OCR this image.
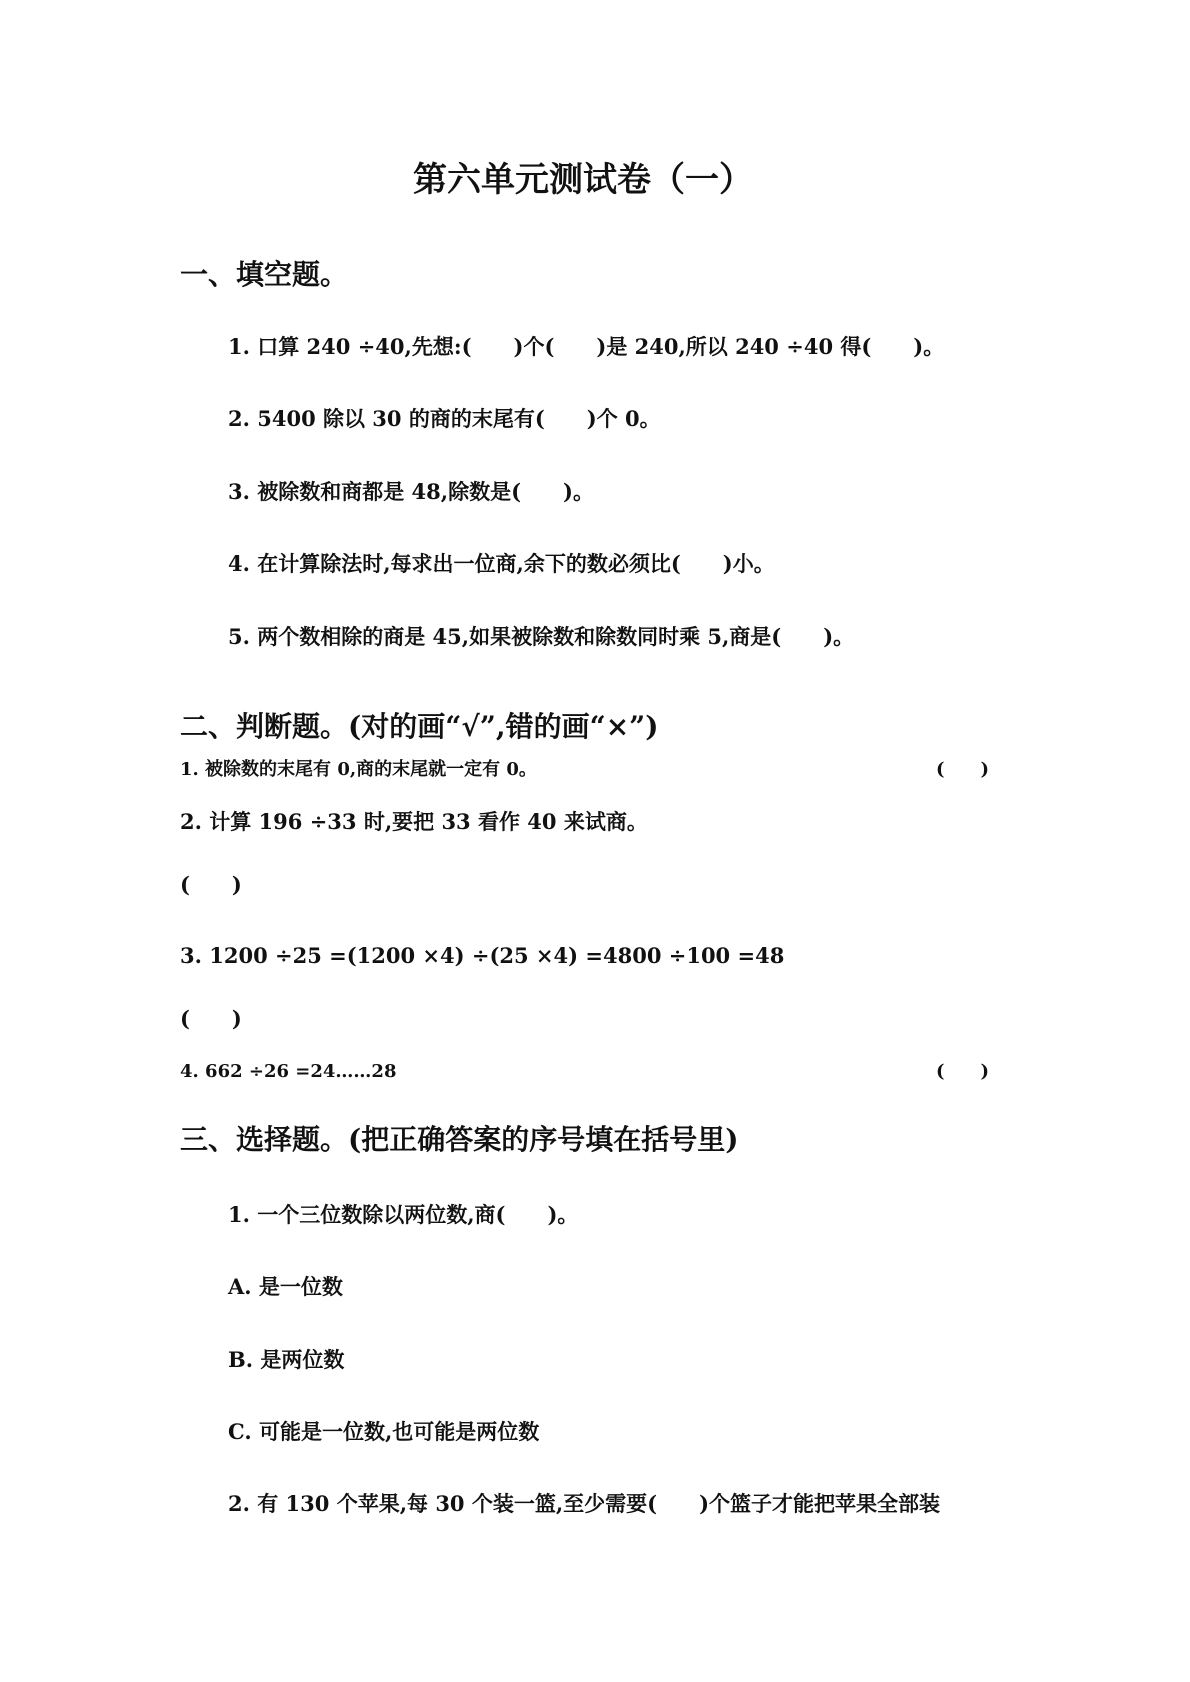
第六单元测试卷（一）
一、填空题。
1. 口算 240 ÷40,先想:(　　)个(　　)是 240,所以 240 ÷40 得(　　)。
2. 5400 除以 30 的商的末尾有(　　)个 0。
3. 被除数和商都是 48,除数是(　　)。
4. 在计算除法时,每求出一位商,余下的数必须比(　　)小。
5. 两个数相除的商是 45,如果被除数和除数同时乘 5,商是(　　)。
二、判断题。(对的画“√”,错的画“×”)
1. 被除数的末尾有 0,商的末尾就一定有 0。	(　　)
2. 计算 196 ÷33 时,要把 33 看作 40 来试商。
(　　)
3. 1200 ÷25 =(1200 ×4) ÷(25 ×4) =4800 ÷100 =48
(　　)
4. 662 ÷26 =24……28	(　　)
三、选择题。(把正确答案的序号填在括号里)
1. 一个三位数除以两位数,商(　　)。
A. 是一位数
B. 是两位数
C. 可能是一位数,也可能是两位数
2. 有 130 个苹果,每 30 个装一篮,至少需要(　　)个篮子才能把苹果全部装
